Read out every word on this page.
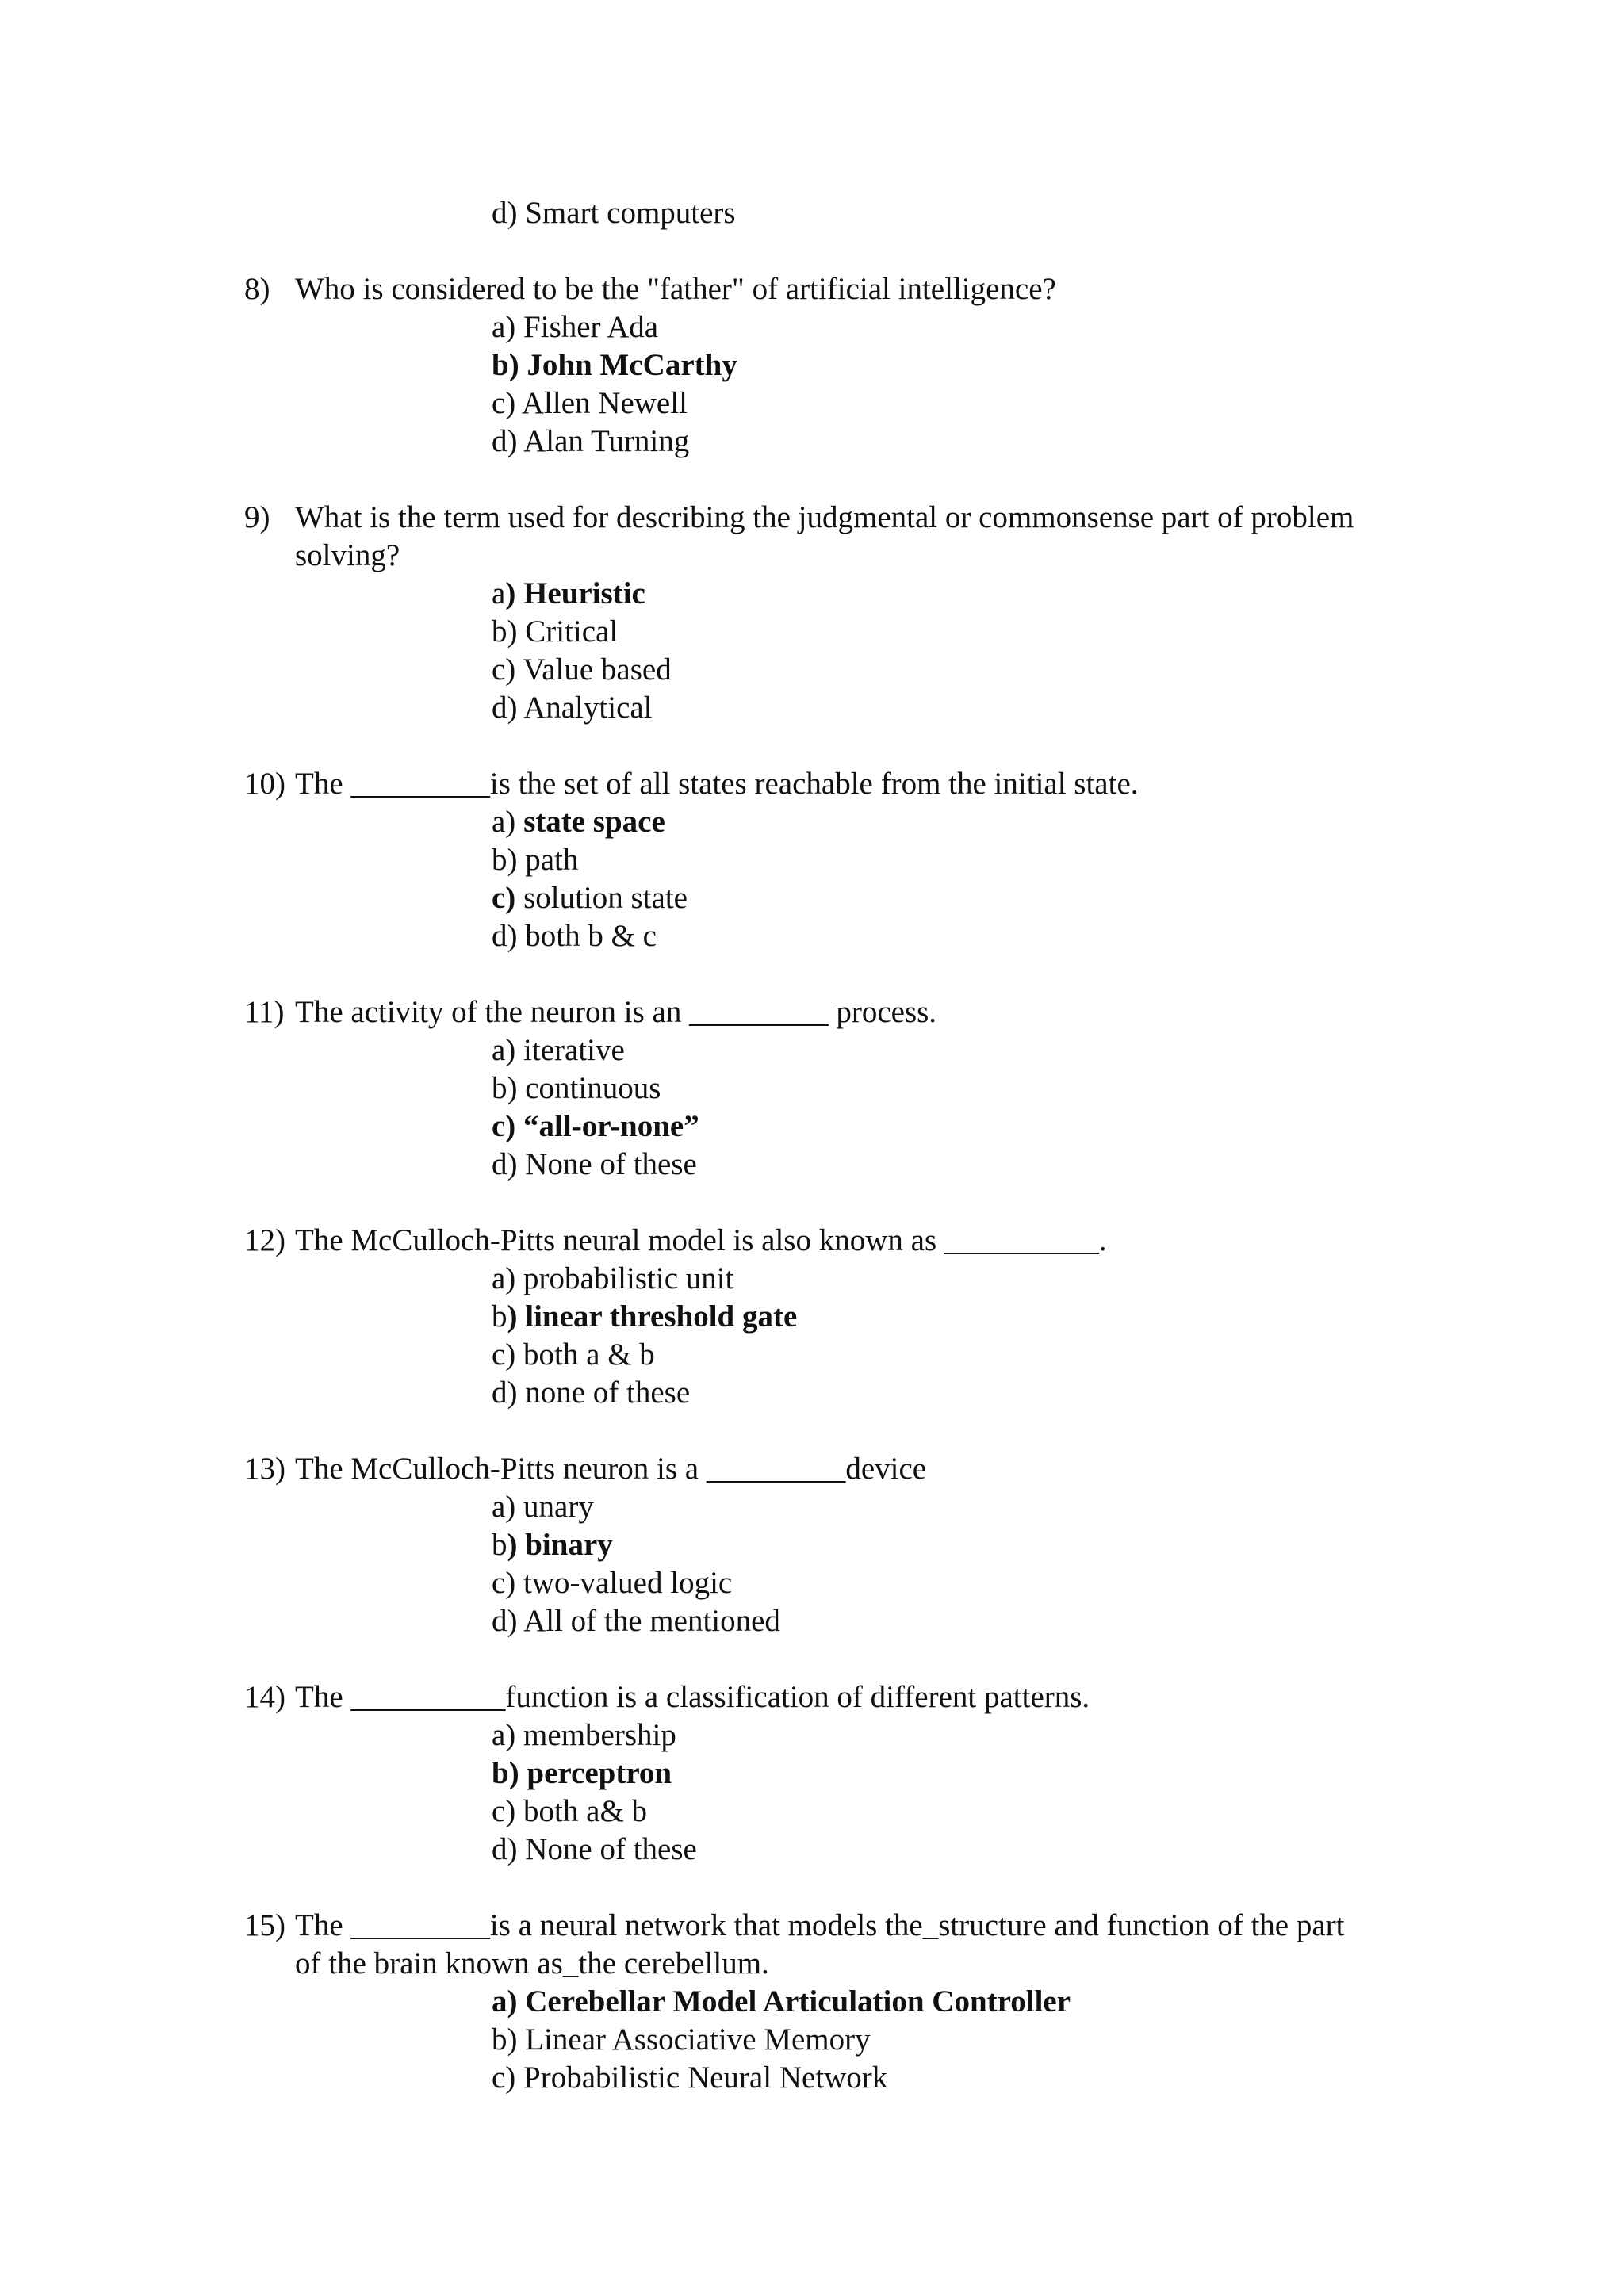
d) Smart computers
8) Who is considered to be the "father" of artificial intelligence?
a) Fisher Ada
b) John McCarthy
c) Allen Newell
d) Alan Turning
9) What is the term used for describing the judgmental or commonsense part of problem
solving?
a) Heuristic
b) Critical
c) Value based
d) Analytical
10) The _________is the set of all states reachable from the initial state.
a) state space
b) path
c) solution state
d) both b & c
11) The activity of the neuron is an _________ process.
a) iterative
b) continuous
c) “all-or-none”
d) None of these
12) The McCulloch-Pitts neural model is also known as __________.
a) probabilistic unit
b) linear threshold gate
c) both a & b
d) none of these
13) The McCulloch-Pitts neuron is a _________device
a) unary
b) binary
c) two-valued logic
d) All of the mentioned
14) The __________function is a classification of different patterns.
a) membership
b) perceptron
c) both a& b
d) None of these
15) The _________is a neural network that models the_structure and function of the part
of the brain known as_the cerebellum.
a) Cerebellar Model Articulation Controller
b) Linear Associative Memory
c) Probabilistic Neural Network
